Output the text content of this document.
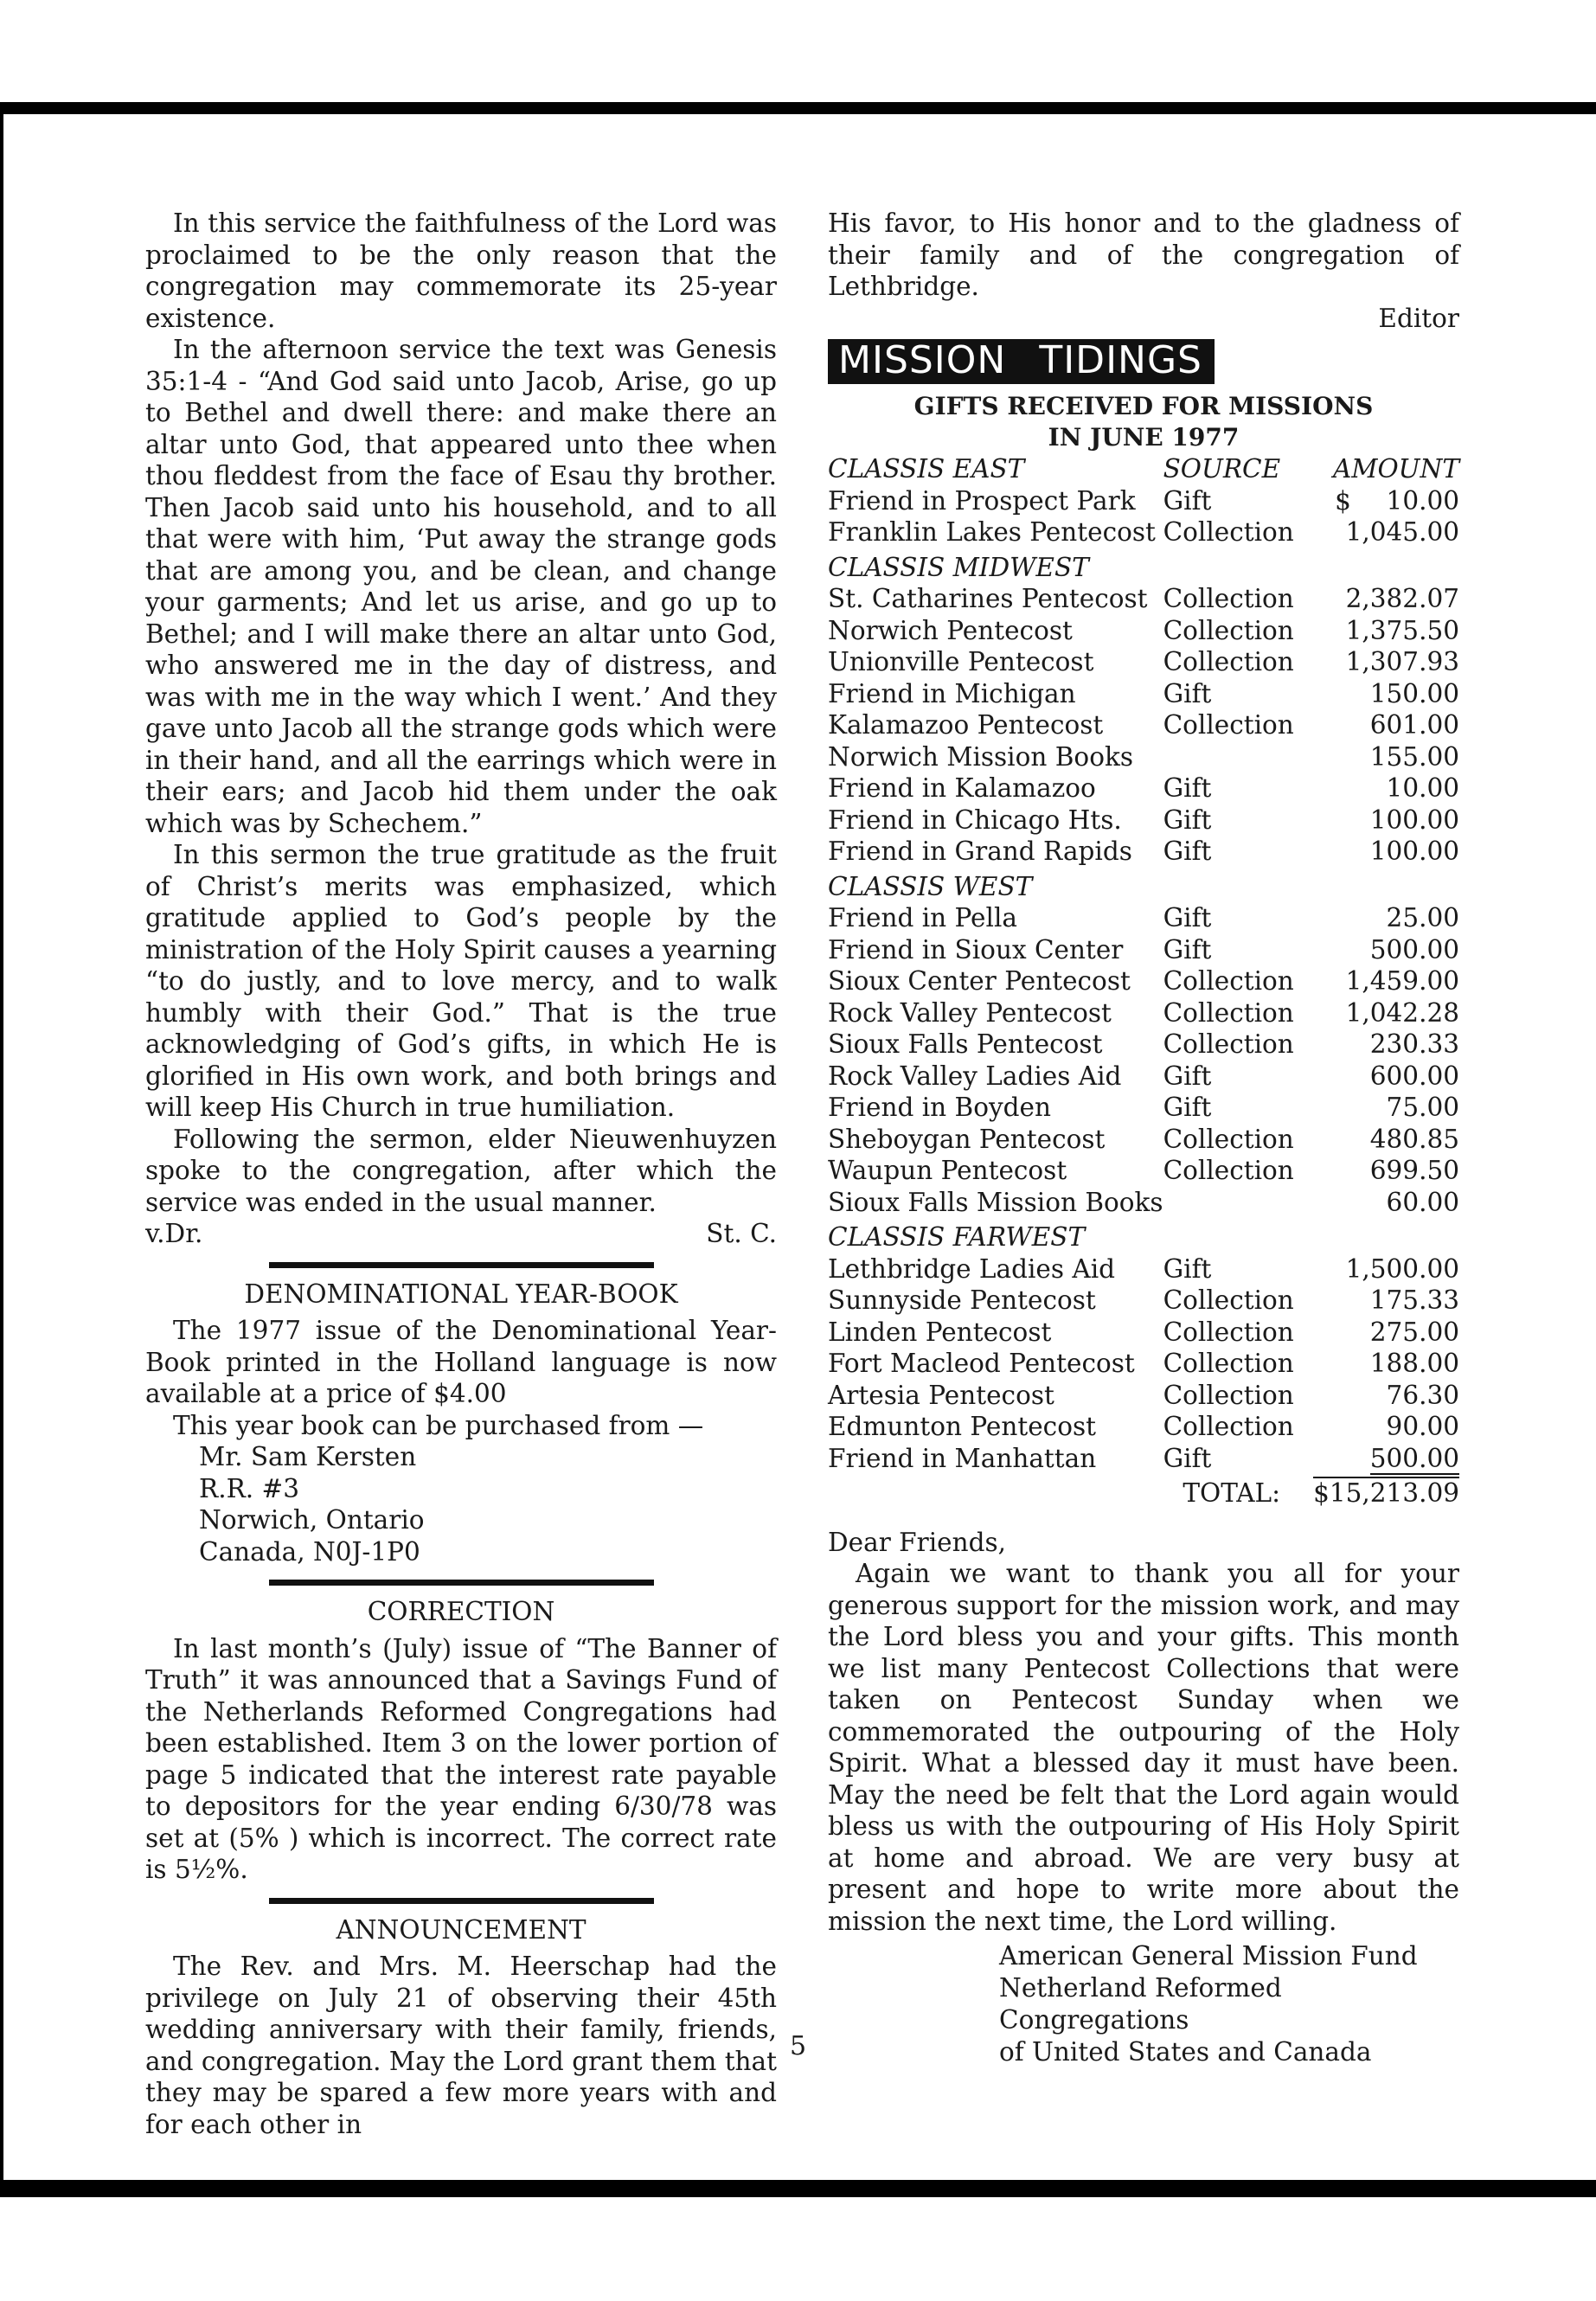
In this service the faithfulness of the Lord was proclaimed to be the only reason that the congregation may commemorate its 25-year existence.

In the afternoon service the text was Genesis 35:1-4 - “And God said unto Jacob, Arise, go up to Bethel and dwell there: and make there an altar unto God, that appeared unto thee when thou fleddest from the face of Esau thy brother. Then Jacob said unto his household, and to all that were with him, ‘Put away the strange gods that are among you, and be clean, and change your garments; And let us arise, and go up to Bethel; and I will make there an altar unto God, who answered me in the day of distress, and was with me in the way which I went.’ And they gave unto Jacob all the strange gods which were in their hand, and all the earrings which were in their ears; and Jacob hid them under the oak which was by Schechem.”

In this sermon the true gratitude as the fruit of Christ’s merits was emphasized, which gratitude applied to God’s people by the ministration of the Holy Spirit causes a yearning “to do justly, and to love mercy, and to walk humbly with their God.” That is the true acknowledging of God’s gifts, in which He is glorified in His own work, and both brings and will keep His Church in true humiliation.

Following the sermon, elder Nieuwenhuyzen spoke to the congregation, after which the service was ended in the usual manner.

v.Dr.	St. C.
DENOMINATIONAL YEAR-BOOK

The 1977 issue of the Denominational Year-Book printed in the Holland language is now available at a price of $4.00

This year book can be purchased from —

Mr. Sam Kersten
R.R. #3
Norwich, Ontario
Canada, N0J-1P0
CORRECTION

In last month’s (July) issue of “The Banner of Truth” it was announced that a Savings Fund of the Netherlands Reformed Congregations had been established. Item 3 on the lower portion of page 5 indicated that the interest rate payable to depositors for the year ending 6/30/78 was set at (5% ) which is incorrect. The correct rate is 5½%.

ANNOUNCEMENT

The Rev. and Mrs. M. Heerschap had the privilege on July 21 of observing their 45th wedding anniversary with their family, friends, and congregation. May the Lord grant them that they may be spared a few more years with and for each other in

His favor, to His honor and to the gladness of their family and of the congregation of Lethbridge.

Editor
MISSION TIDINGS
GIFTS RECEIVED FOR MISSIONS
IN JUNE 1977
CLASSIS EAST	SOURCE	AMOUNT
Friend in Prospect Park	Gift	$ 10.00
Franklin Lakes Pentecost	Collection	1,045.00
CLASSIS MIDWEST		
St. Catharines Pentecost	Collection	2,382.07
Norwich Pentecost	Collection	1,375.50
Unionville Pentecost	Collection	1,307.93
Friend in Michigan	Gift	150.00
Kalamazoo Pentecost	Collection	601.00
Norwich Mission Books		155.00
Friend in Kalamazoo	Gift	10.00
Friend in Chicago Hts.	Gift	100.00
Friend in Grand Rapids	Gift	100.00
CLASSIS WEST		
Friend in Pella	Gift	25.00
Friend in Sioux Center	Gift	500.00
Sioux Center Pentecost	Collection	1,459.00
Rock Valley Pentecost	Collection	1,042.28
Sioux Falls Pentecost	Collection	230.33
Rock Valley Ladies Aid	Gift	600.00
Friend in Boyden	Gift	75.00
Sheboygan Pentecost	Collection	480.85
Waupun Pentecost	Collection	699.50
Sioux Falls Mission Books		60.00
CLASSIS FARWEST		
Lethbridge Ladies Aid	Gift	1,500.00
Sunnyside Pentecost	Collection	175.33
Linden Pentecost	Collection	275.00
Fort Macleod Pentecost	Collection	188.00
Artesia Pentecost	Collection	76.30
Edmunton Pentecost	Collection	90.00
Friend in Manhattan	Gift	500.00
TOTAL:		$15,213.09
Dear Friends,

Again we want to thank you all for your generous support for the mission work, and may the Lord bless you and your gifts. This month we list many Pentecost Collections that were taken on Pentecost Sunday when we commemorated the outpouring of the Holy Spirit. What a blessed day it must have been. May the need be felt that the Lord again would bless us with the outpouring of His Holy Spirit at home and abroad. We are very busy at present and hope to write more about the mission the next time, the Lord willing.

American General Mission Fund
Netherland Reformed Congregations
of United States and Canada
5
